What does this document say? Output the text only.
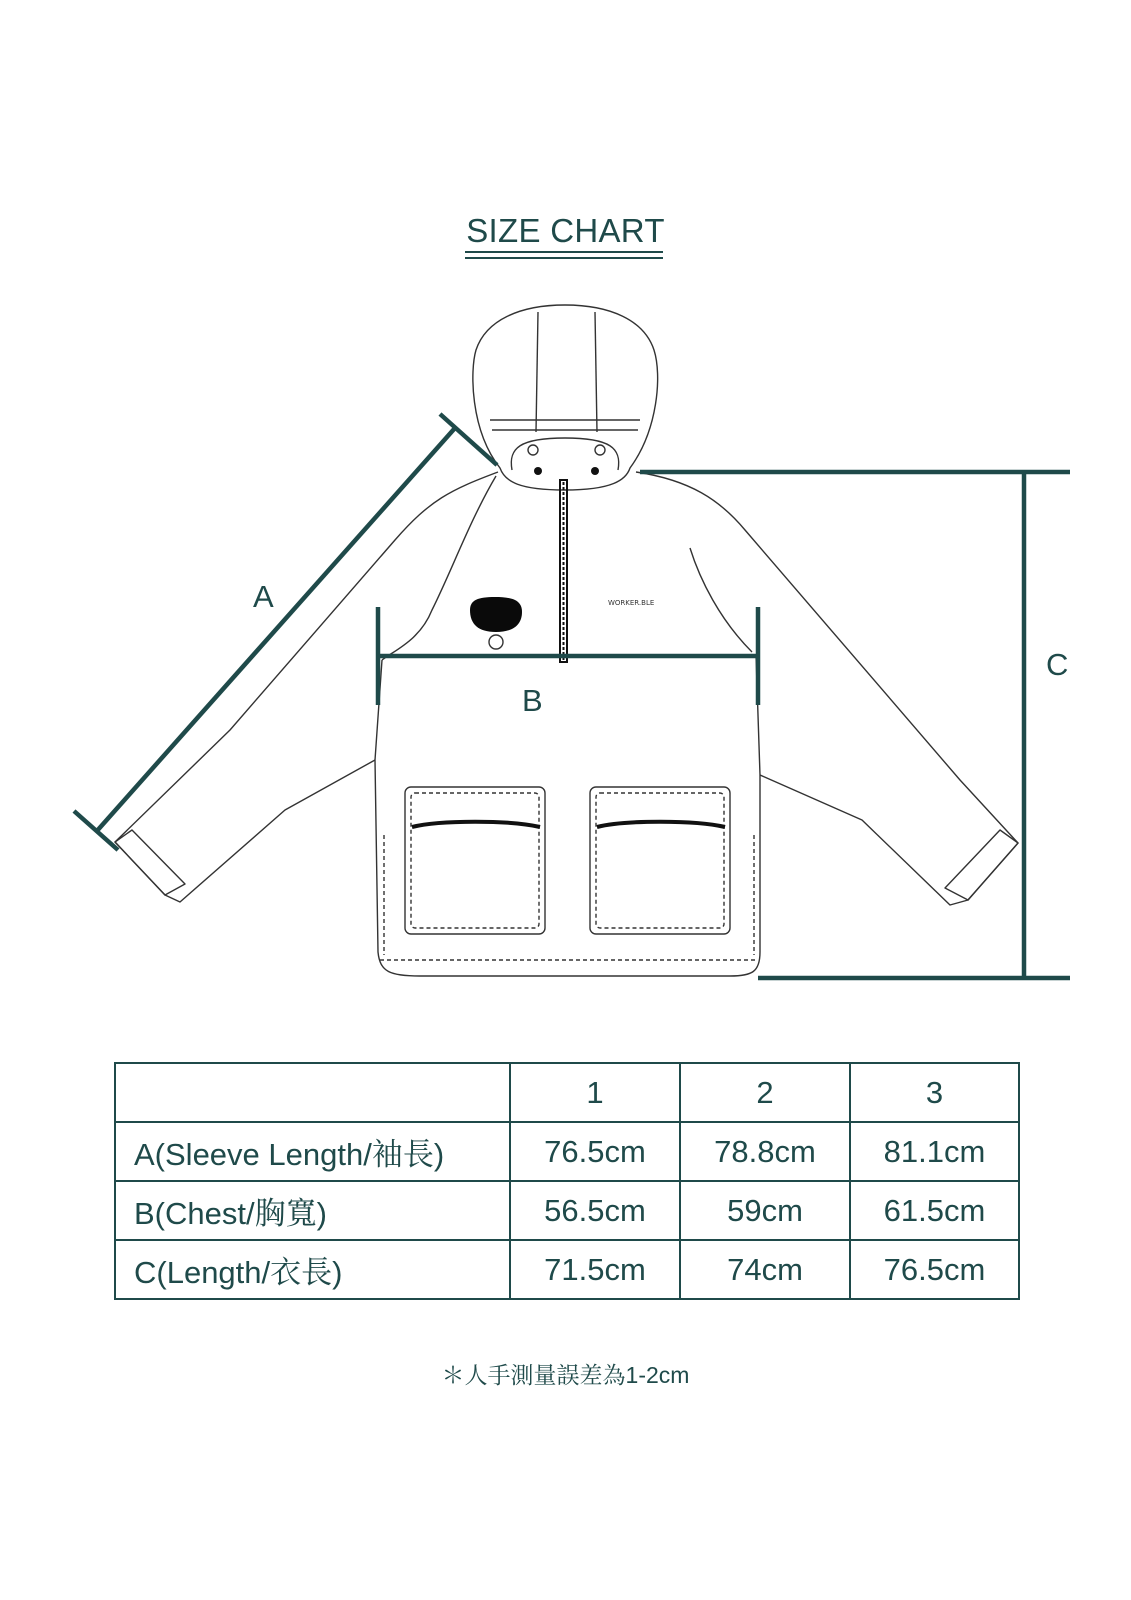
SIZE CHART
WORKER.BLE
A
B
C
	1	2	3
A(Sleeve Length/袖長)	76.5cm	78.8cm	81.1cm
B(Chest/胸寬)	56.5cm	59cm	61.5cm
C(Length/衣長)	71.5cm	74cm	76.5cm
＊人手測量誤差為1-2cm
